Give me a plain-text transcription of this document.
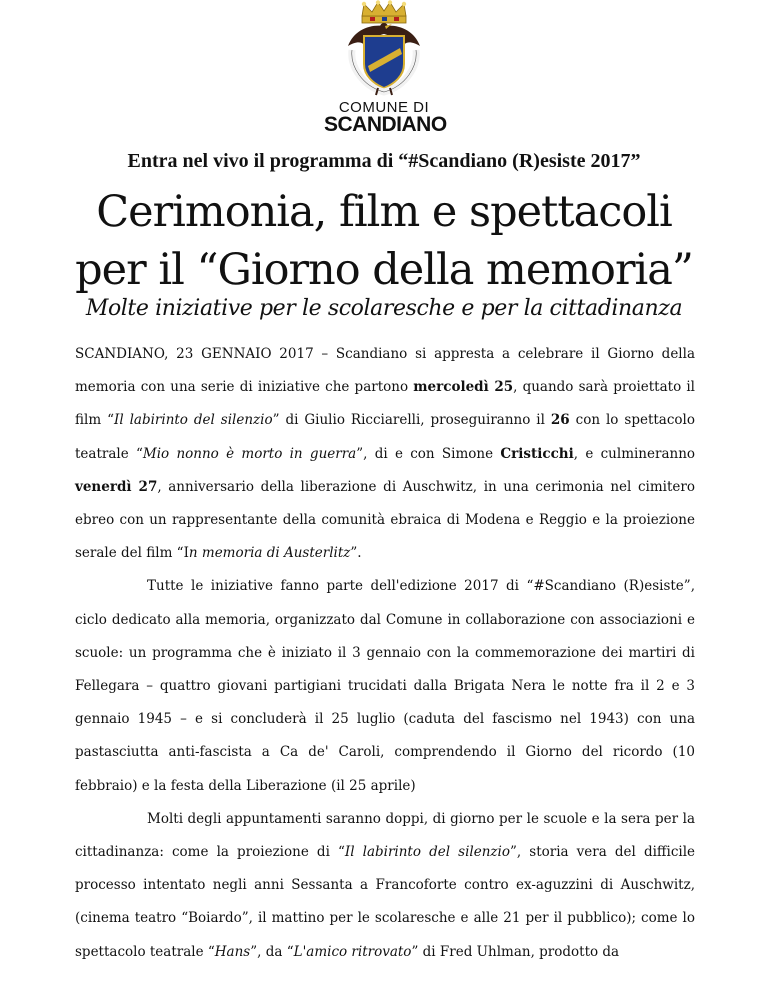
COMUNE DI
SCANDIANO
Entra nel vivo il programma di “#Scandiano (R)esiste 2017”
Cerimonia, film e spettacoli
per il “Giorno della memoria”
Molte iniziative per le scolaresche e per la cittadinanza

SCANDIANO, 23 GENNAIO 2017 – Scandiano si appresta a celebrare il Giorno della memoria con una serie di iniziative che partono mercoledì 25, quando sarà proiettato il film “Il labirinto del silenzio” di Giulio Ricciarelli, proseguiranno il 26 con lo spettacolo teatrale “Mio nonno è morto in guerra”, di e con Simone Cristicchi, e culmineranno venerdì 27, anniversario della liberazione di Auschwitz, in una cerimonia nel cimitero ebreo con un rappresentante della comunità ebraica di Modena e Reggio e la proiezione serale del film “In memoria di Austerlitz”.

Tutte le iniziative fanno parte dell'edizione 2017 di “#Scandiano (R)esiste”, ciclo dedicato alla memoria, organizzato dal Comune in collaborazione con associazioni e scuole: un programma che è iniziato il 3 gennaio con la commemorazione dei martiri di Fellegara – quattro giovani partigiani trucidati dalla Brigata Nera le notte fra il 2 e 3 gennaio 1945 – e si concluderà il 25 luglio (caduta del fascismo nel 1943) con una pastasciutta anti-fascista a Ca de' Caroli, comprendendo il Giorno del ricordo (10 febbraio) e la festa della Liberazione (il 25 aprile)

Molti degli appuntamenti saranno doppi, di giorno per le scuole e la sera per la cittadinanza: come la proiezione di “Il labirinto del silenzio”, storia vera del difficile processo intentato negli anni Sessanta a Francoforte contro ex-aguzzini di Auschwitz, (cinema teatro “Boiardo”, il mattino per le scolaresche e alle 21 per il pubblico); come lo spettacolo teatrale “Hans”, da “L'amico ritrovato” di Fred Uhlman, prodotto da
